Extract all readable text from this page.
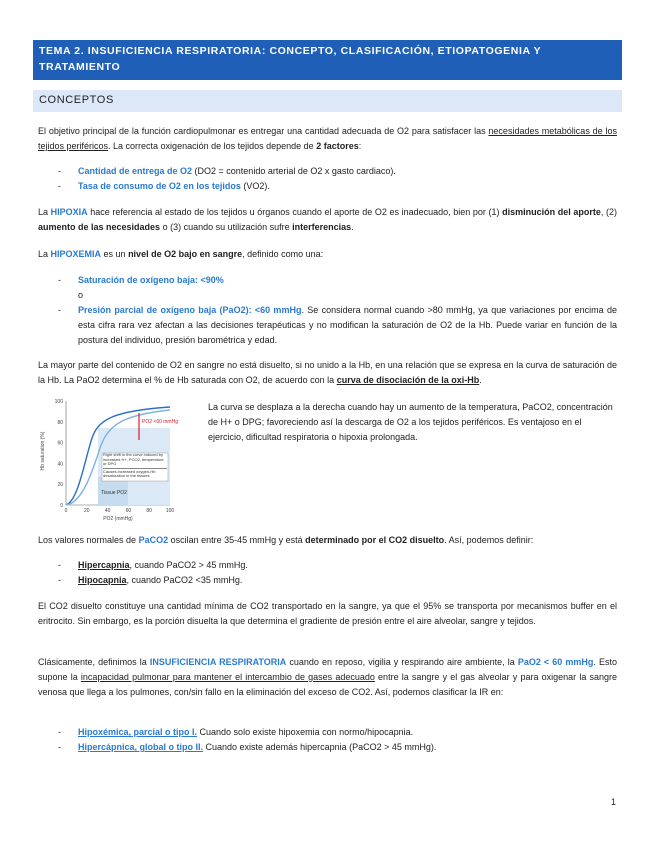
TEMA 2. INSUFICIENCIA RESPIRATORIA: CONCEPTO, CLASIFICACIÓN, ETIOPATOGENIA Y TRATAMIENTO
CONCEPTOS
El objetivo principal de la función cardiopulmonar es entregar una cantidad adecuada de O2 para satisfacer las necesidades metabólicas de los tejidos periféricos. La correcta oxigenación de los tejidos depende de 2 factores:
- Cantidad de entrega de O2 (DO2 = contenido arterial de O2 x gasto cardiaco).
- Tasa de consumo de O2 en los tejidos (VO2).
La HIPOXIA hace referencia al estado de los tejidos u órganos cuando el aporte de O2 es inadecuado, bien por (1) disminución del aporte, (2) aumento de las necesidades o (3) cuando su utilización sufre interferencias.
La HIPOXEMIA es un nivel de O2 bajo en sangre, definido como una:
- Saturación de oxígeno baja: <90%
o
- Presión parcial de oxígeno baja (PaO2): <60 mmHg. Se considera normal cuando >80 mmHg, ya que variaciones por encima de esta cifra rara vez afectan a las decisiones terapéuticas y no modifican la saturación de O2 de la Hb. Puede variar en función de la postura del individuo, presión barométrica y edad.
La mayor parte del contenido de O2 en sangre no está disuelto, si no unido a la Hb, en una relación que se expresa en la curva de saturación de la Hb. La PaO2 determina el % de Hb saturada con O2, de acuerdo con la curva de disociación de la oxi-Hb.
Hb saturation (%)
100
80
60
40
20
0
0	20	40	60	80	100
PO2 (mmHg)
PO2 <60 mmHg
Right shift in the curve induced by increased H+, PCO2, temperature or DPG
Causes increased oxygen-Hb desaturation in the tissues
Tissue PO2
La curva se desplaza a la derecha cuando hay un aumento de la temperatura, PaCO2, concentración de H+ o DPG; favoreciendo así la descarga de O2 a los tejidos periféricos. Es ventajoso en el ejercicio, dificultad respiratoria o hipoxia prolongada.
Los valores normales de PaCO2 oscilan entre 35-45 mmHg y está determinado por el CO2 disuelto. Así, podemos definir:
- Hipercapnia, cuando PaCO2 > 45 mmHg.
- Hipocapnia, cuando PaCO2 <35 mmHg.
El CO2 disuelto constituye una cantidad mínima de CO2 transportado en la sangre, ya que el 95% se transporta por mecanismos buffer en el eritrocito. Sin embargo, es la porción disuelta la que determina el gradiente de presión entre el aire alveolar, sangre y tejidos.
Clásicamente, definimos la INSUFICIENCIA RESPIRATORIA cuando en reposo, vigilia y respirando aire ambiente, la PaO2 < 60 mmHg. Esto supone la incapacidad pulmonar para mantener el intercambio de gases adecuado entre la sangre y el gas alveolar y para oxigenar la sangre venosa que llega a los pulmones, con/sin fallo en la eliminación del exceso de CO2. Así, podemos clasificar la IR en:
- Hipoxémica, parcial o tipo I. Cuando solo existe hipoxemia con normo/hipocapnia.
- Hipercápnica, global o tipo II. Cuando existe además hipercapnia (PaCO2 > 45 mmHg).
1
